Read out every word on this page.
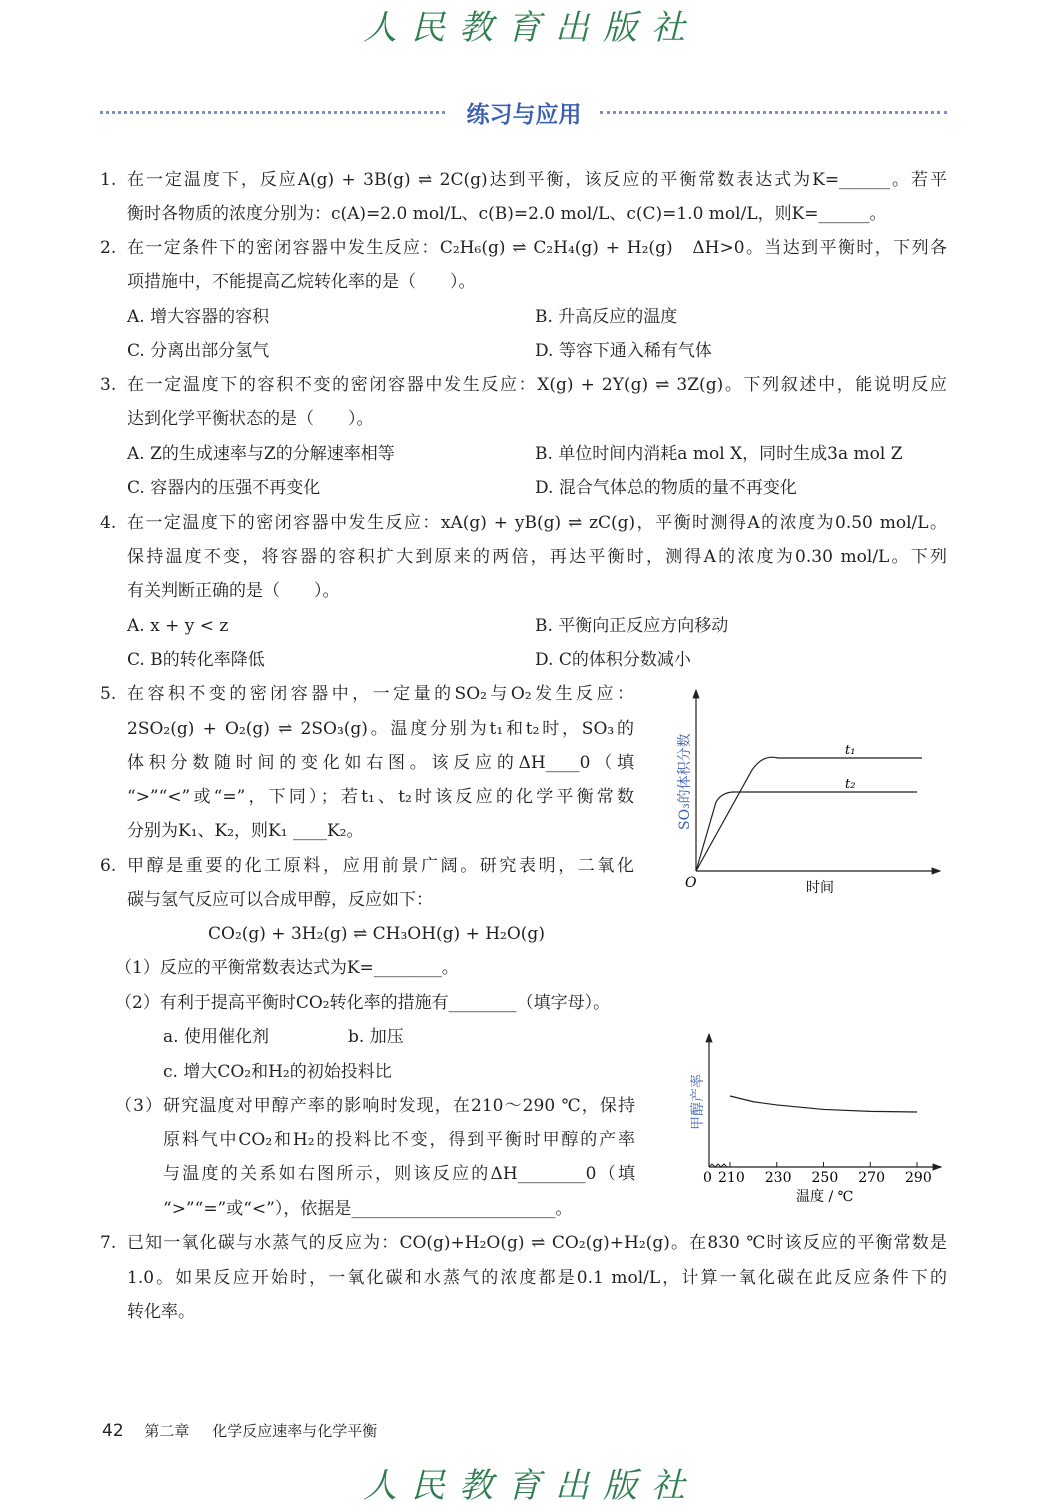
人民教育出版社
练习与应用
1. 在一定温度下，反应A(g) + 3B(g) ⇌ 2C(g)达到平衡，该反应的平衡常数表达式为K=______。若平
衡时各物质的浓度分别为：c(A)=2.0 mol/L、c(B)=2.0 mol/L、c(C)=1.0 mol/L，则K=______。
2. 在一定条件下的密闭容器中发生反应：C₂H₆(g) ⇌ C₂H₄(g) + H₂(g)　ΔH>0。当达到平衡时，下列各
项措施中，不能提高乙烷转化率的是（　　）。
A. 增大容器的容积	B. 升高反应的温度
C. 分离出部分氢气	D. 等容下通入稀有气体
3. 在一定温度下的容积不变的密闭容器中发生反应：X(g) + 2Y(g) ⇌ 3Z(g)。下列叙述中，能说明反应
达到化学平衡状态的是（　　）。
A. Z的生成速率与Z的分解速率相等	B. 单位时间内消耗a mol X，同时生成3a mol Z
C. 容器内的压强不再变化	D. 混合气体总的物质的量不再变化
4. 在一定温度下的密闭容器中发生反应：xA(g) + yB(g) ⇌ zC(g)，平衡时测得A的浓度为0.50 mol/L。
保持温度不变，将容器的容积扩大到原来的两倍，再达平衡时，测得A的浓度为0.30 mol/L。下列
有关判断正确的是（　　）。
A. x + y < z	B. 平衡向正反应方向移动
C. B的转化率降低	D. C的体积分数减小
5. 在容积不变的密闭容器中，一定量的SO₂与O₂发生反应：
2SO₂(g) + O₂(g) ⇌ 2SO₃(g)。温度分别为t₁和t₂时，SO₃的
体积分数随时间的变化如右图。该反应的ΔH____0（填
“>”“<”或“=”，下同）；若t₁、t₂时该反应的化学平衡常数
分别为K₁、K₂，则K₁ ____K₂。
6. 甲醇是重要的化工原料，应用前景广阔。研究表明，二氧化
碳与氢气反应可以合成甲醇，反应如下：
CO₂(g) + 3H₂(g) ⇌ CH₃OH(g) + H₂O(g)
（1）反应的平衡常数表达式为K=________。
（2）有利于提高平衡时CO₂转化率的措施有________（填字母）。
a. 使用催化剂	b. 加压
c. 增大CO₂和H₂的初始投料比
（3）研究温度对甲醇产率的影响时发现，在210～290 ℃，保持
原料气中CO₂和H₂的投料比不变，得到平衡时甲醇的产率
与温度的关系如右图所示，则该反应的ΔH________0（填
“>”“=”或“<”），依据是________________________。
7. 已知一氧化碳与水蒸气的反应为：CO(g)+H₂O(g) ⇌ CO₂(g)+H₂(g)。在830 ℃时该反应的平衡常数是
1.0。如果反应开始时，一氧化碳和水蒸气的浓度都是0.1 mol/L，计算一氧化碳在此反应条件下的
转化率。
t₁
t₂
O	时间
SO₃的体积分数
0 210 230 250 270 290
温度 / ℃
甲醇产率
42 第二章 化学反应速率与化学平衡
人民教育出版社
